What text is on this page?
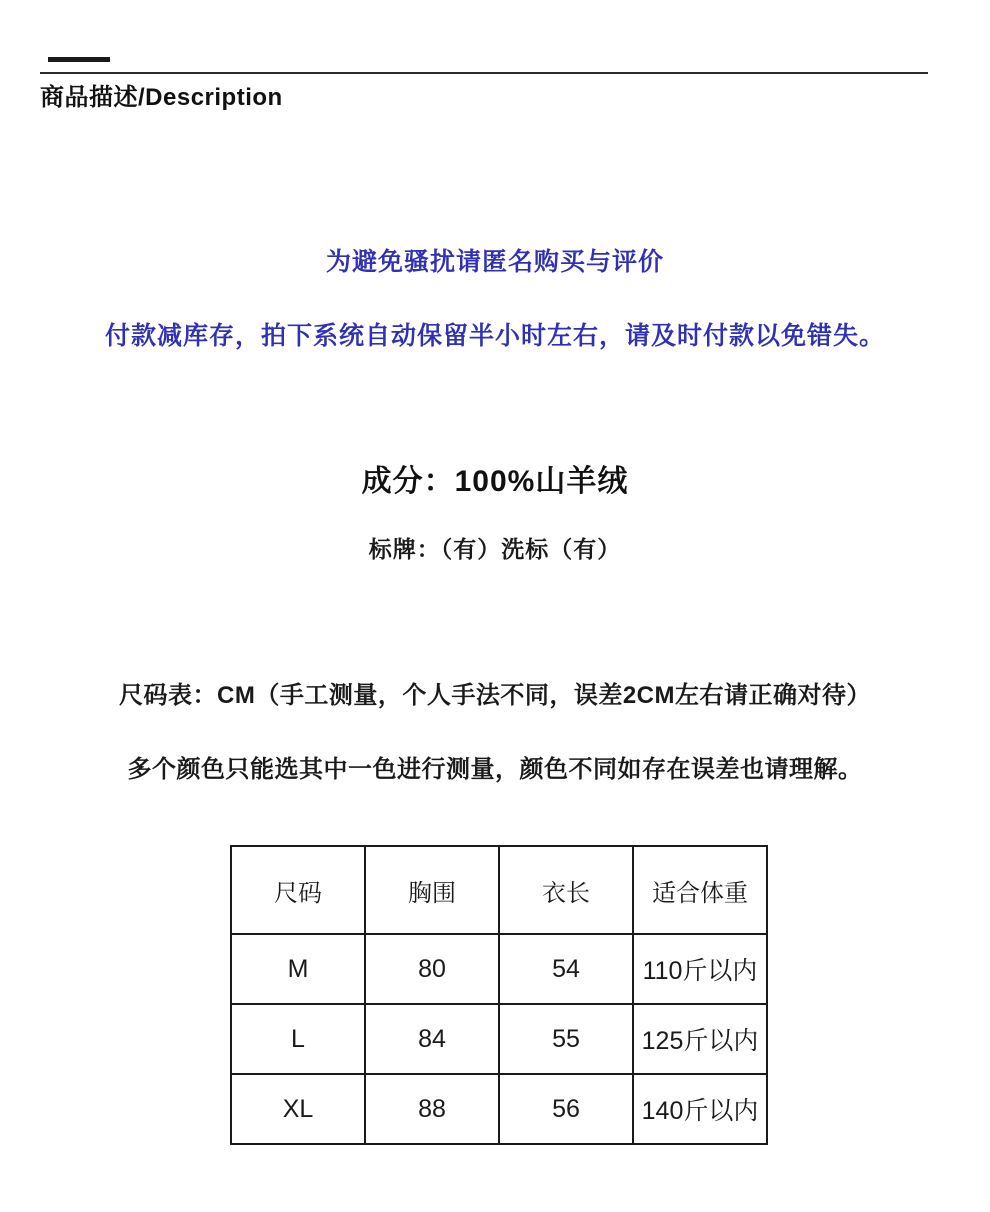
商品描述/Description
为避免骚扰请匿名购买与评价
付款减库存，拍下系统自动保留半小时左右，请及时付款以免错失。
成分：100%山羊绒
标牌：（有）洗标（有）
尺码表：CM（手工测量，个人手法不同，误差2CM左右请正确对待）
多个颜色只能选其中一色进行测量，颜色不同如存在误差也请理解。
尺码	胸围	衣长	适合体重
M	80	54	110斤以内
L	84	55	125斤以内
XL	88	56	140斤以内
